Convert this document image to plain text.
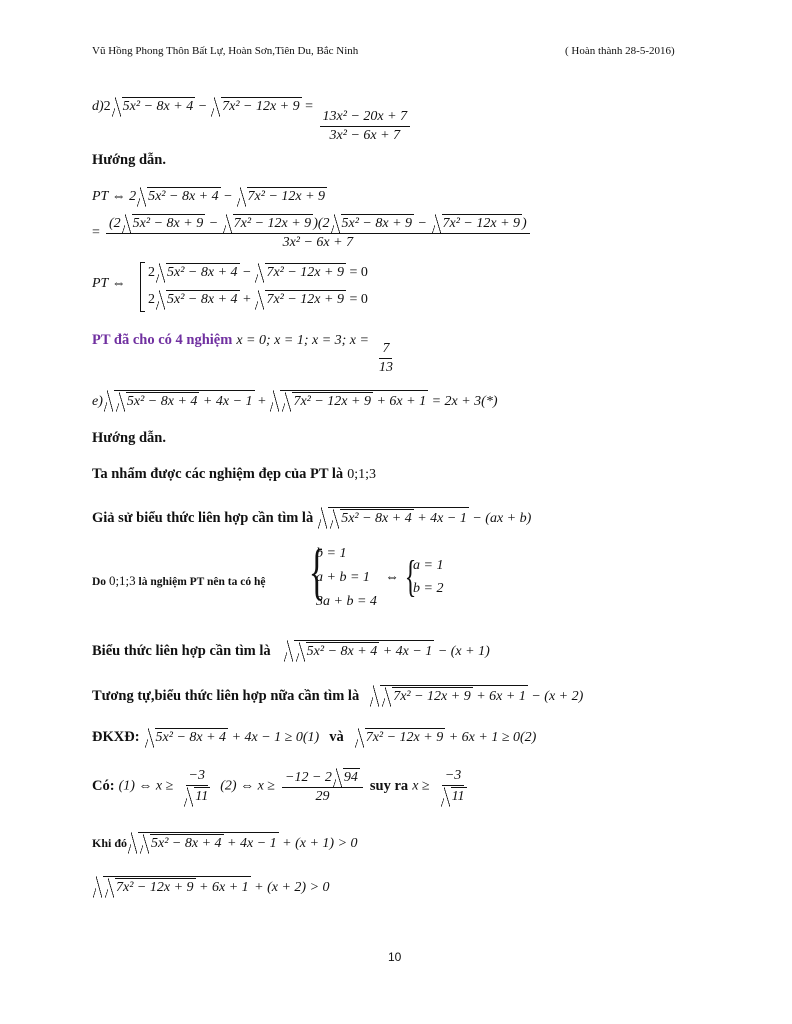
Vũ Hồng Phong Thôn Bất Lự, Hoàn Sơn,Tiên Du, Bắc Ninh	( Hoàn thành 28-5-2016)
d)2 5x² − 8x + 4 − 7x² − 12x + 9 =
$\frac{\text{13x² − 20x + 7}}{\text{3x² − 6x + 7}}$
Hướng dẫn.
PT ⇔ 2 5x² − 8x + 4 − 7x² − 12x + 9
=
(2 5x² − 8x + 9 − 7x² − 12x + 9 )(2 5x² − 8x + 9 − 7x² − 12x + 9 )
3x² − 6x + 7
PT ⇔
2 5x² − 8x + 4 − 7x² − 12x + 9 = 0
2 5x² − 8x + 4 + 7x² − 12x + 9 = 0
PT đã cho có 4 nghiệm x = 0; x = 1; x = 3; x =
$\frac{7}{13}$
e) 5x² − 8x + 4 + 4x − 1 + 7x² − 12x + 9 + 6x + 1 = 2x + 3(*)
Hướng dẫn.
Ta nhẩm được các nghiệm đẹp của PT là 0;1;3
Giả sử biểu thức liên hợp cần tìm là 5x² − 8x + 4 + 4x − 1 − (ax + b)
Do 0;1;3 là nghiệm PT nên ta có hệ {
b = 1
a + b = 1
3a + b = 4
⇔ {
a = 1
b = 2
Biểu thức liên hợp cần tìm là	5x² − 8x + 4 + 4x − 1 − (x + 1)
Tương tự,biểu thức liên hợp nữa cần tìm là 7x² − 12x + 9 + 6x + 1 − (x + 2)
ĐKXĐ: 5x² − 8x + 4 + 4x − 1 ≥ 0(1) và 7x² − 12x + 9 + 6x + 1 ≥ 0(2)
Có: (1) ⇔ $x \ge \frac{-3}{11} (2)$ ⇔ $x \ge \frac{-12 - 2 94}{29}$ suy ra $x \ge \frac{-3}{11}$
Khi đó 5x² − 8x + 4 + 4x − 1 + (x + 1) > 0
7x² − 12x + 9 + 6x + 1 + (x + 2) > 0
10
